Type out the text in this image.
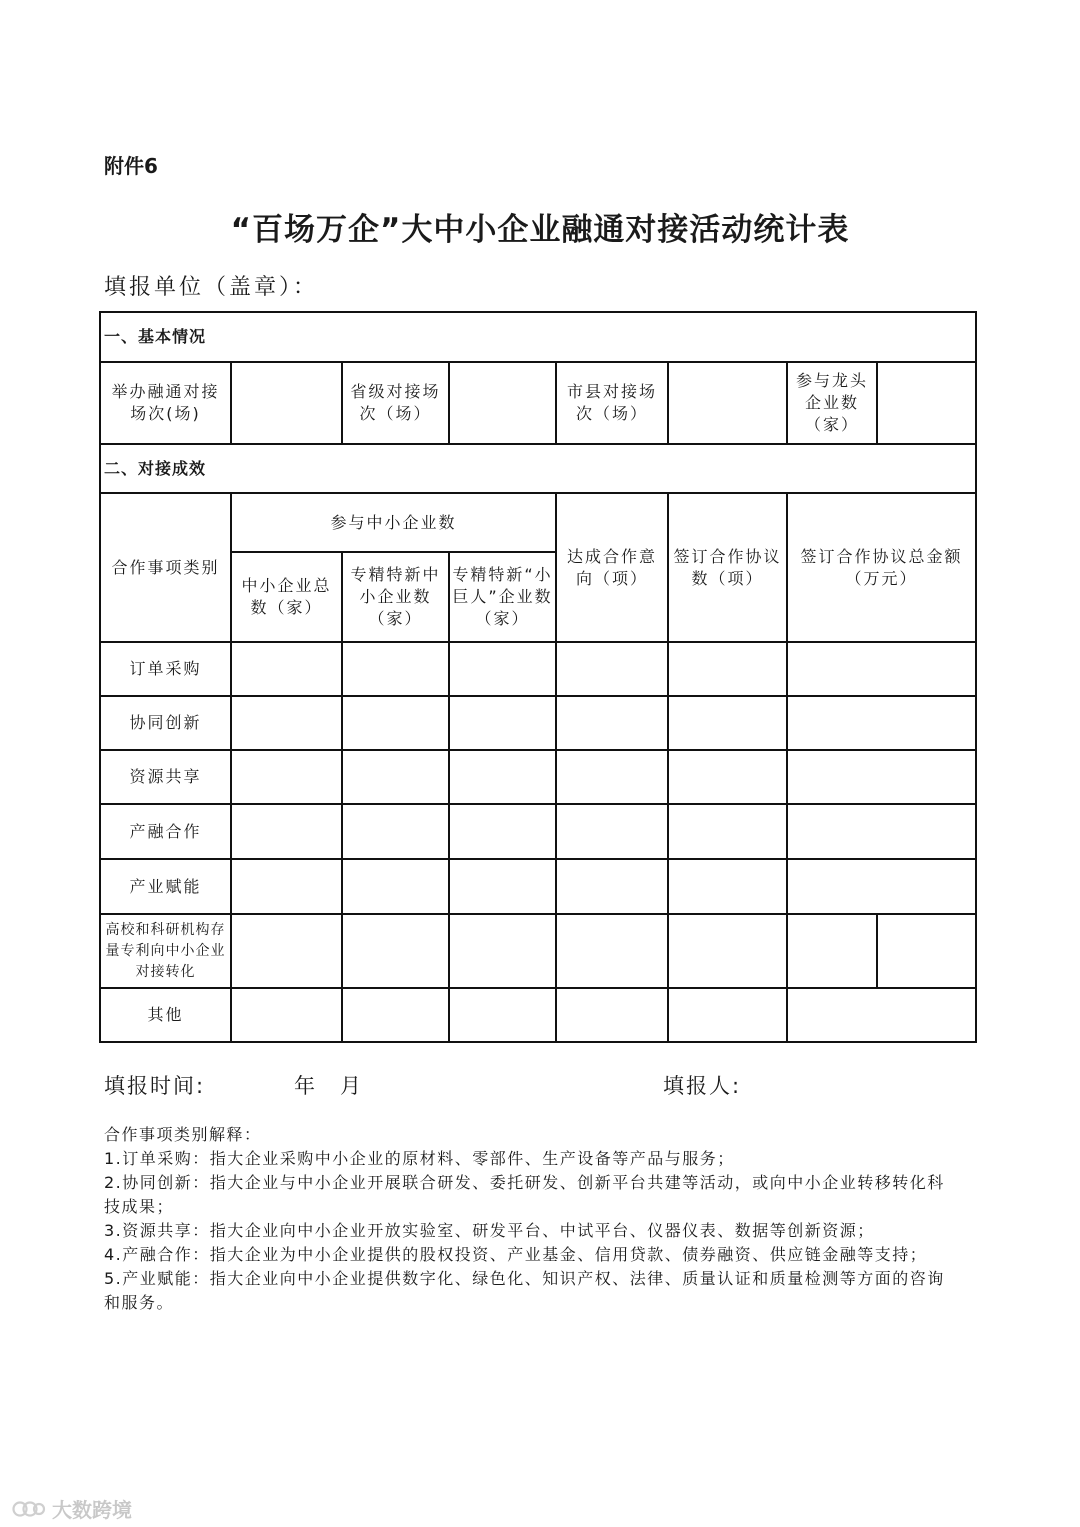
附件6
“百场万企”大中小企业融通对接活动统计表
填报单位（盖章）：
一、基本情况							
举办融通对接场次(场)		省级对接场次（场）		市县对接场次（场）		参与龙头企业数（家）	
二、对接成效							
合作事项类别	参与中小企业数			达成合作意向（项）	签订合作协议数（项）	签订合作协议总金额（万元）	
	中小企业总数（家）	专精特新中小企业数（家）	专精特新“小巨人”企业数（家）				
订单采购							
协同创新							
资源共享							
产融合作							
产业赋能							
高校和科研机构存量专利向中小企业对接转化							
其他							
填报时间:	年 月	填报人:
合作事项类别解释：
1.订单采购：指大企业采购中小企业的原材料、零部件、生产设备等产品与服务；
2.协同创新：指大企业与中小企业开展联合研发、委托研发、创新平台共建等活动，或向中小企业转移转化科技成果；
3.资源共享：指大企业向中小企业开放实验室、研发平台、中试平台、仪器仪表、数据等创新资源；
4.产融合作：指大企业为中小企业提供的股权投资、产业基金、信用贷款、债券融资、供应链金融等支持；
5.产业赋能：指大企业向中小企业提供数字化、绿色化、知识产权、法律、质量认证和质量检测等方面的咨询和服务。
大数跨境
